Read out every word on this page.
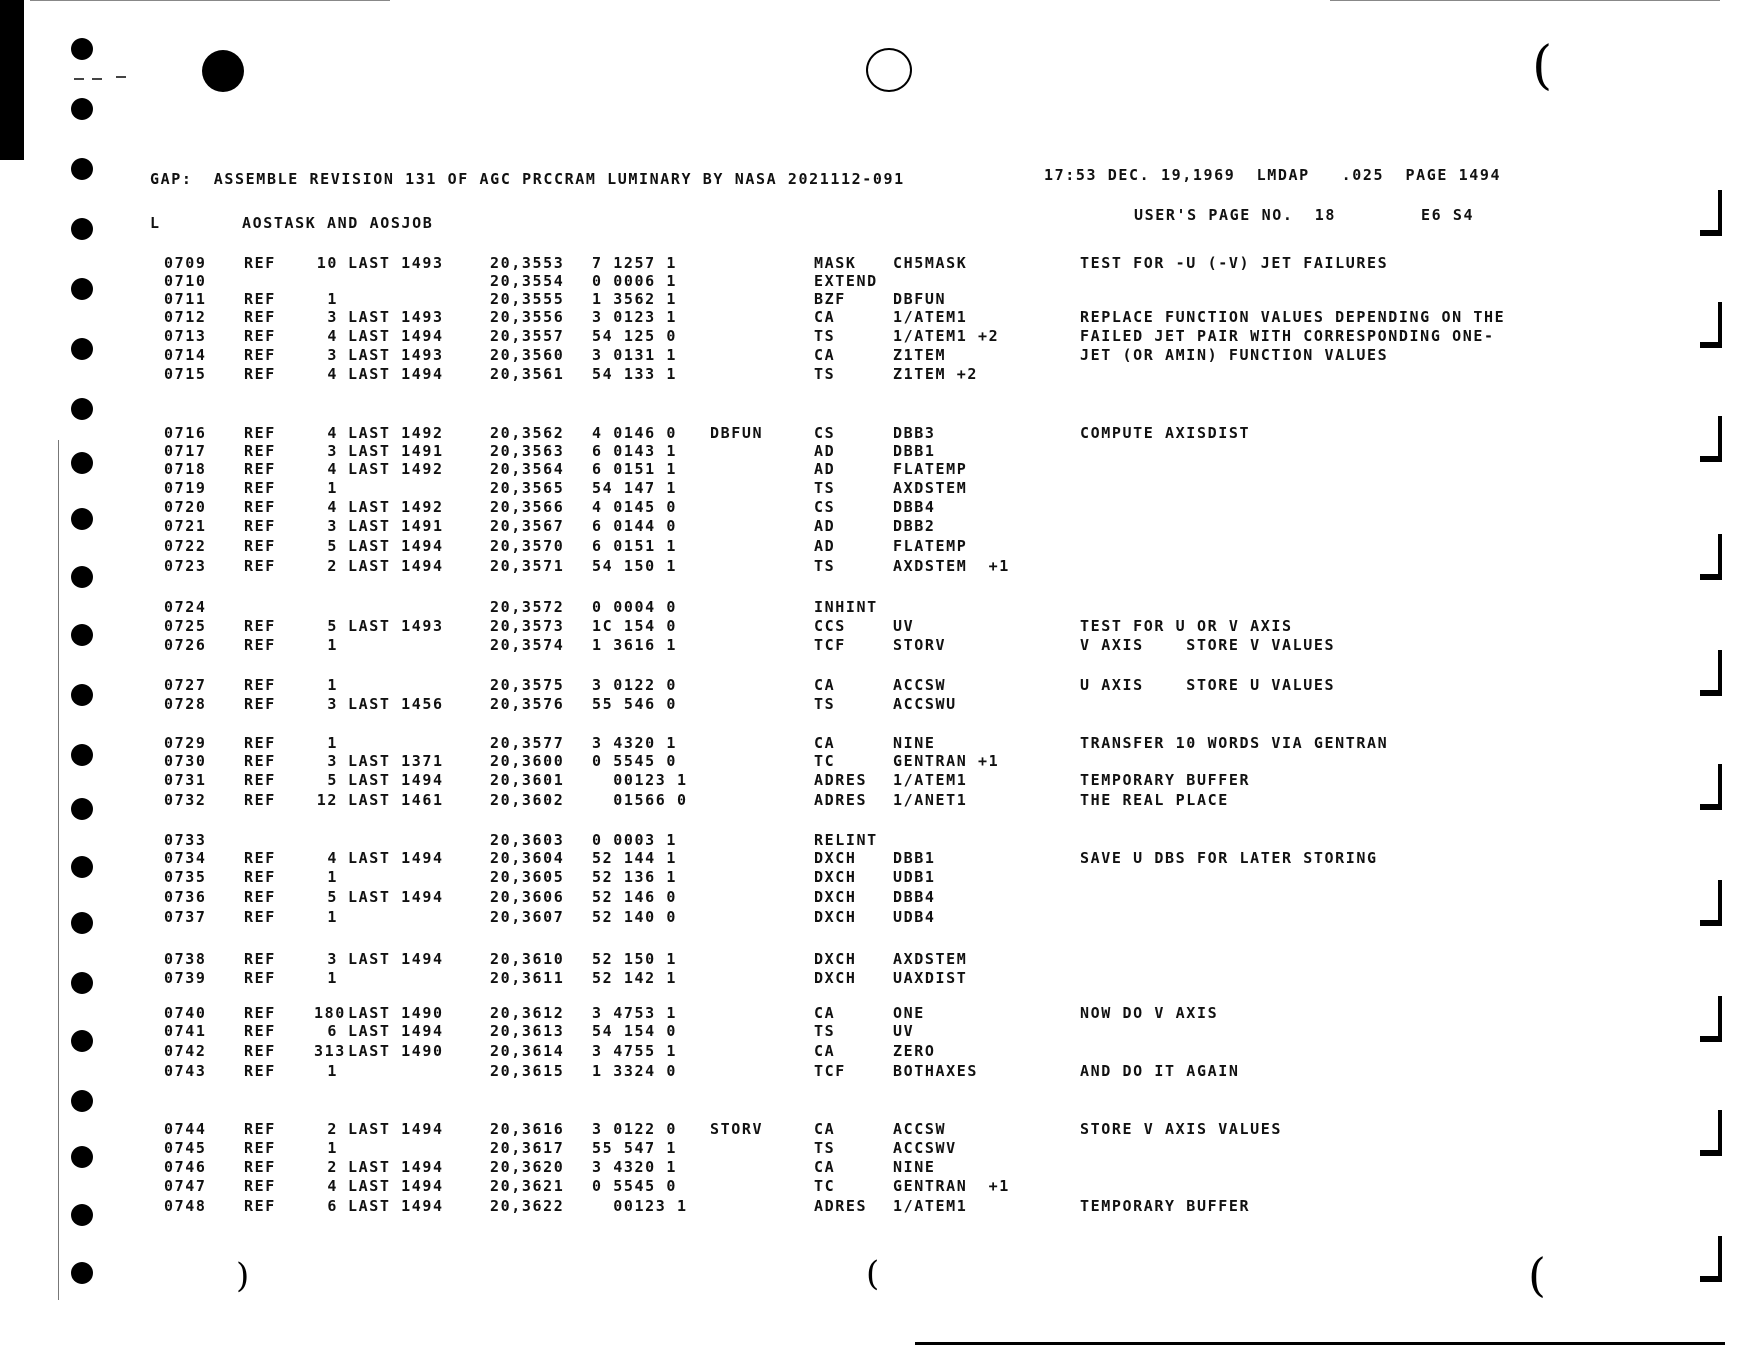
(
)	(	(
GAP:  ASSEMBLE REVISION 131 OF AGC PRCCRAM LUMINARY BY NASA 2021112-091	17:53 DEC. 19,1969  LMDAP   .025  PAGE 1494
L	AOSTASK AND AOSJOB	USER'S PAGE NO.  18        E6 S4
0709 REF	10 LAST 1493	20,3553 7 1257 1	MASK CH5MASK	TEST FOR -U (-V) JET FAILURES
0710	20,3554 0 0006 1	EXTEND
0711 REF	1	20,3555 1 3562 1	BZF	DBFUN
0712 REF	3 LAST 1493	20,3556 3 0123 1	CA	1/ATEM1	REPLACE FUNCTION VALUES DEPENDING ON THE
0713 REF	4 LAST 1494	20,3557 54 125 0	TS	1/ATEM1 +2	FAILED JET PAIR WITH CORRESPONDING ONE-
0714 REF	3 LAST 1493	20,3560 3 0131 1	CA	Z1TEM	JET (OR AMIN) FUNCTION VALUES
0715 REF	4 LAST 1494	20,3561 54 133 1	TS	Z1TEM +2
0716 REF	4 LAST 1492	20,3562 4 0146 0 DBFUN	CS	DBB3	COMPUTE AXISDIST
0717 REF	3 LAST 1491	20,3563 6 0143 1	AD	DBB1
0718 REF	4 LAST 1492	20,3564 6 0151 1	AD	FLATEMP
0719 REF	1	20,3565 54 147 1	TS	AXDSTEM
0720 REF	4 LAST 1492	20,3566 4 0145 0	CS	DBB4
0721 REF	3 LAST 1491	20,3567 6 0144 0	AD	DBB2
0722 REF	5 LAST 1494	20,3570 6 0151 1	AD	FLATEMP
0723 REF	2 LAST 1494	20,3571 54 150 1	TS	AXDSTEM  +1
0724	20,3572 0 0004 0	INHINT
0725 REF	5 LAST 1493	20,3573 1C 154 0	CCS	UV	TEST FOR U OR V AXIS
0726 REF	1	20,3574 1 3616 1	TCF	STORV	V AXIS    STORE V VALUES
0727 REF	1	20,3575 3 0122 0	CA	ACCSW	U AXIS    STORE U VALUES
0728 REF	3 LAST 1456	20,3576 55 546 0	TS	ACCSWU
0729 REF	1	20,3577 3 4320 1	CA	NINE	TRANSFER 10 WORDS VIA GENTRAN
0730 REF	3 LAST 1371	20,3600 0 5545 0	TC	GENTRAN +1
0731 REF	5 LAST 1494	20,3601 00123 1	ADRES 1/ATEM1	TEMPORARY BUFFER
0732 REF	12 LAST 1461	20,3602 01566 0	ADRES 1/ANET1	THE REAL PLACE
0733	20,3603 0 0003 1	RELINT
0734 REF	4 LAST 1494	20,3604 52 144 1	DXCH DBB1	SAVE U DBS FOR LATER STORING
0735 REF	1	20,3605 52 136 1	DXCH UDB1
0736 REF	5 LAST 1494	20,3606 52 146 0	DXCH DBB4
0737 REF	1	20,3607 52 140 0	DXCH UDB4
0738 REF	3 LAST 1494	20,3610 52 150 1	DXCH AXDSTEM
0739 REF	1	20,3611 52 142 1	DXCH UAXDIST
0740 REF	180 LAST 1490	20,3612 3 4753 1	CA	ONE	NOW DO V AXIS
0741 REF	6 LAST 1494	20,3613 54 154 0	TS	UV
0742 REF	313 LAST 1490	20,3614 3 4755 1	CA	ZERO
0743 REF	1	20,3615 1 3324 0	TCF	BOTHAXES	AND DO IT AGAIN
0744 REF	2 LAST 1494	20,3616 3 0122 0 STORV	CA	ACCSW	STORE V AXIS VALUES
0745 REF	1	20,3617 55 547 1	TS	ACCSWV
0746 REF	2 LAST 1494	20,3620 3 4320 1	CA	NINE
0747 REF	4 LAST 1494	20,3621 0 5545 0	TC	GENTRAN  +1
0748 REF	6 LAST 1494	20,3622 00123 1	ADRES 1/ATEM1	TEMPORARY BUFFER
